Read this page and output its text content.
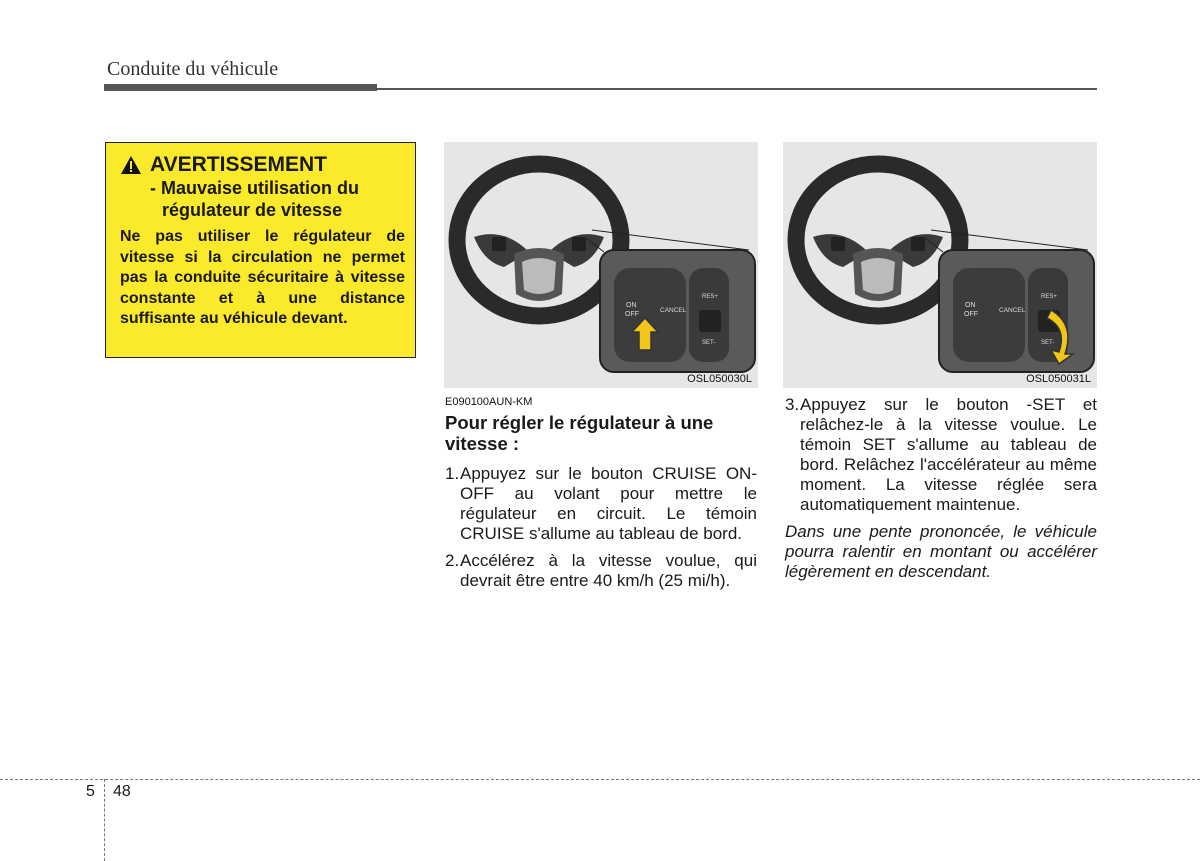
Conduite du véhicule
AVERTISSEMENT
- Mauvaise utilisation du
régulateur de vitesse
Ne pas utiliser le régulateur de vitesse si la circulation ne permet pas la conduite sécuritaire à vitesse constante et à une distance suffisante au véhicule devant.
ON
OFF
CANCEL
RES+
SET-
OSL050030L
ON
OFF
CANCEL
RES+
SET-
OSL050031L
E090100AUN-KM
Pour régler le régulateur à une vitesse :
1. Appuyez sur le bouton CRUISE ON-OFF au volant pour mettre le régulateur en circuit. Le témoin CRUISE s'allume au tableau de bord.
2. Accélérez à la vitesse voulue, qui devrait être entre 40 km/h (25 mi/h).
3. Appuyez sur le bouton -SET et relâchez-le à la vitesse voulue. Le témoin SET s'allume au tableau de bord. Relâchez l'accélérateur au même moment. La vitesse réglée sera automatiquement maintenue.
Dans une pente prononcée, le véhicule pourra ralentir en montant ou accélérer légèrement en descendant.
5 48
